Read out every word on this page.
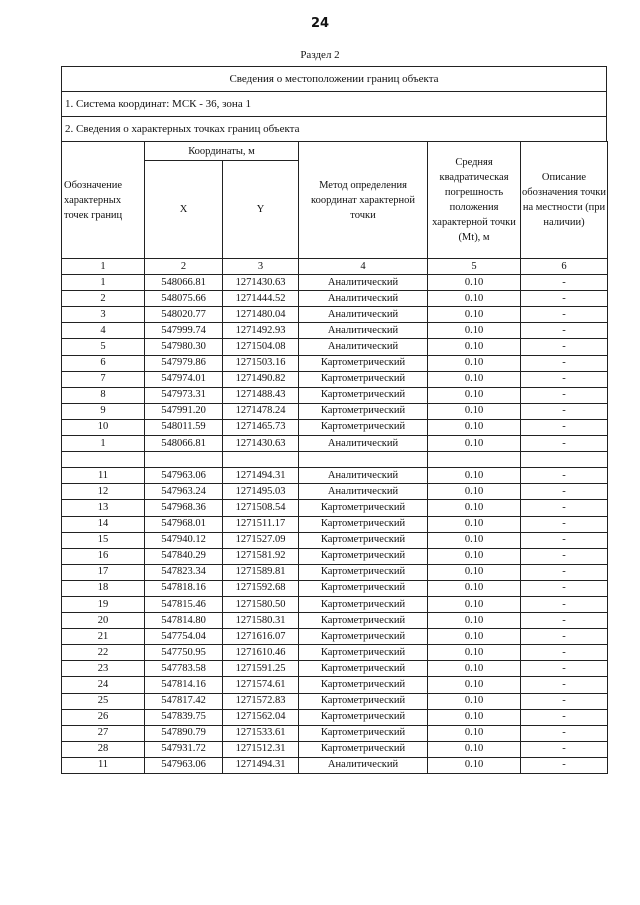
24
Раздел 2
Сведения о местоположении границ объекта
1. Система координат: МСК - 36, зона 1
2. Сведения о характерных точках границ объекта
Обозначение характерных точек границ	Координаты, м		Метод определения координат характерной точки	Средняя квадратическая погрешность положения характерной точки (Mt), м	Описание обозначения точки на местности (при наличии)
	X	Y			
1	2	3	4	5	6
1	548066.81	1271430.63	Аналитический	0.10	-
2	548075.66	1271444.52	Аналитический	0.10	-
3	548020.77	1271480.04	Аналитический	0.10	-
4	547999.74	1271492.93	Аналитический	0.10	-
5	547980.30	1271504.08	Аналитический	0.10	-
6	547979.86	1271503.16	Картометрический	0.10	-
7	547974.01	1271490.82	Картометрический	0.10	-
8	547973.31	1271488.43	Картометрический	0.10	-
9	547991.20	1271478.24	Картометрический	0.10	-
10	548011.59	1271465.73	Картометрический	0.10	-
1	548066.81	1271430.63	Аналитический	0.10	-

11	547963.06	1271494.31	Аналитический	0.10	-
12	547963.24	1271495.03	Аналитический	0.10	-
13	547968.36	1271508.54	Картометрический	0.10	-
14	547968.01	1271511.17	Картометрический	0.10	-
15	547940.12	1271527.09	Картометрический	0.10	-
16	547840.29	1271581.92	Картометрический	0.10	-
17	547823.34	1271589.81	Картометрический	0.10	-
18	547818.16	1271592.68	Картометрический	0.10	-
19	547815.46	1271580.50	Картометрический	0.10	-
20	547814.80	1271580.31	Картометрический	0.10	-
21	547754.04	1271616.07	Картометрический	0.10	-
22	547750.95	1271610.46	Картометрический	0.10	-
23	547783.58	1271591.25	Картометрический	0.10	-
24	547814.16	1271574.61	Картометрический	0.10	-
25	547817.42	1271572.83	Картометрический	0.10	-
26	547839.75	1271562.04	Картометрический	0.10	-
27	547890.79	1271533.61	Картометрический	0.10	-
28	547931.72	1271512.31	Картометрический	0.10	-
11	547963.06	1271494.31	Аналитический	0.10	-
